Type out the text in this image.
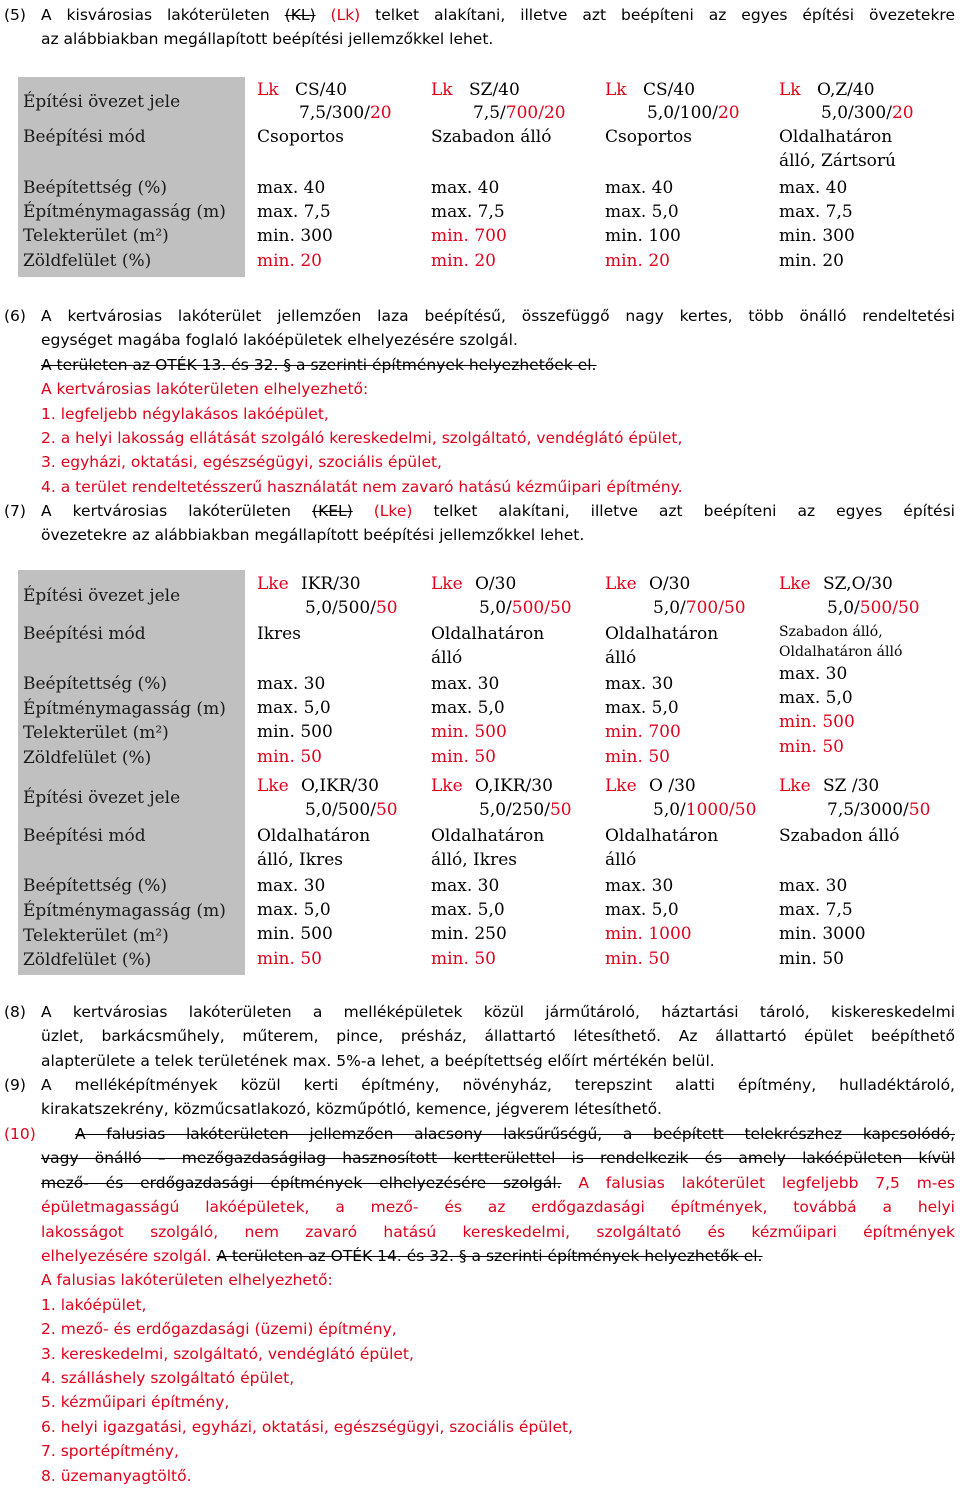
(5) A kisvárosias lakóterületen (KL) (Lk) telket alakítani, illetve azt beépíteni az egyes építési övezetekre
az alábbiakban megállapított beépítési jellemzőkkel lehet.
Építési övezet jele
Beépítési mód
Beépítettség (%)
Építménymagasság (m)
Telekterület (m²)
Zöldfelület (%)
Lk CS/40
7,5/300/20
Csoportos
max. 40
max. 7,5
min. 300
min. 20
Lk SZ/40
7,5/700/20
Szabadon álló
max. 40
max. 7,5
min. 700
min. 20
Lk CS/40
5,0/100/20
Csoportos
max. 40
max. 5,0
min. 100
min. 20
Lk O,Z/40
5,0/300/20
Oldalhatáron
álló, Zártsorú
max. 40
max. 7,5
min. 300
min. 20
(6) A kertvárosias lakóterület jellemzően laza beépítésű, összefüggő nagy kertes, több önálló rendeltetési
egységet magába foglaló lakóépületek elhelyezésére szolgál.
A területen az OTÉK 13. és 32. § a szerinti építmények helyezhetőek el.
A kertvárosias lakóterületen elhelyezhető:
1. legfeljebb négylakásos lakóépület,
2. a helyi lakosság ellátását szolgáló kereskedelmi, szolgáltató, vendéglátó épület,
3. egyházi, oktatási, egészségügyi, szociális épület,
4. a terület rendeltetésszerű használatát nem zavaró hatású kézműipari építmény.
(7) A kertvárosias lakóterületen (KEL) (Lke) telket alakítani, illetve azt beépíteni az egyes építési
övezetekre az alábbiakban megállapított beépítési jellemzőkkel lehet.
Építési övezet jele
Beépítési mód
Beépítettség (%)
Építménymagasság (m)
Telekterület (m²)
Zöldfelület (%)
Építési övezet jele
Beépítési mód
Beépítettség (%)
Építménymagasság (m)
Telekterület (m²)
Zöldfelület (%)
Lke IKR/30
5,0/500/50
Ikres
max. 30
max. 5,0
min. 500
min. 50
Lke O/30
5,0/500/50
Oldalhatáron
álló
max. 30
max. 5,0
min. 500
min. 50
Lke O/30
5,0/700/50
Oldalhatáron
álló
max. 30
max. 5,0
min. 700
min. 50
Lke SZ,O/30
5,0/500/50
Szabadon álló,
Oldalhatáron álló
max. 30
max. 5,0
min. 500
min. 50
Lke O,IKR/30
5,0/500/50
Oldalhatáron
álló, Ikres
max. 30
max. 5,0
min. 500
min. 50
Lke O,IKR/30
5,0/250/50
Oldalhatáron
álló, Ikres
max. 30
max. 5,0
min. 250
min. 50
Lke O /30
5,0/1000/50
Oldalhatáron
álló
max. 30
max. 5,0
min. 1000
min. 50
Lke SZ /30
7,5/3000/50
Szabadon álló
max. 30
max. 7,5
min. 3000
min. 50
(8) A kertvárosias lakóterületen a melléképületek közül járműtároló, háztartási tároló, kiskereskedelmi
üzlet, barkácsműhely, műterem, pince, présház, állattartó létesíthető. Az állattartó épület beépíthető
alapterülete a telek területének max. 5%-a lehet, a beépítettség előírt mértékén belül.
(9) A melléképítmények közül kerti építmény, növényház, terepszint alatti építmény, hulladéktároló,
kirakatszekrény, közműcsatlakozó, közműpótló, kemence, jégverem létesíthető.
(10)	A falusias lakóterületen jellemzően alacsony laksűrűségű, a beépített telekrészhez kapcsolódó,
vagy önálló – mezőgazdaságilag hasznosított kertterülettel is rendelkezik és amely lakóépületen kívül
mező- és erdőgazdasági építmények elhelyezésére szolgál. A falusias lakóterület legfeljebb 7,5 m-es
épületmagasságú lakóépületek, a mező- és az erdőgazdasági építmények, továbbá a helyi
lakosságot szolgáló, nem zavaró hatású kereskedelmi, szolgáltató és kézműipari építmények
elhelyezésére szolgál. A területen az OTÉK 14. és 32. § a szerinti építmények helyezhetők el.
A falusias lakóterületen elhelyezhető:
1. lakóépület,
2. mező- és erdőgazdasági (üzemi) építmény,
3. kereskedelmi, szolgáltató, vendéglátó épület,
4. szálláshely szolgáltató épület,
5. kézműipari építmény,
6. helyi igazgatási, egyházi, oktatási, egészségügyi, szociális épület,
7. sportépítmény,
8. üzemanyagtöltő.
